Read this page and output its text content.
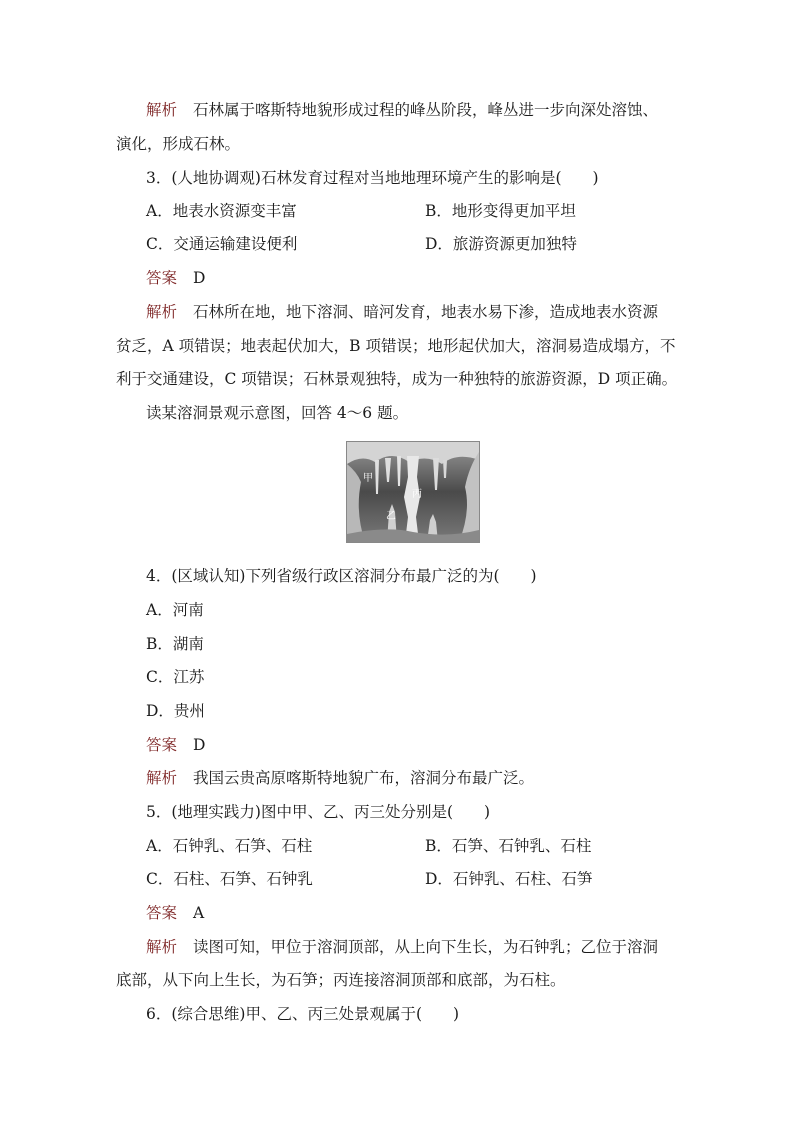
解析 石林属于喀斯特地貌形成过程的峰丛阶段，峰丛进一步向深处溶蚀、
演化，形成石林。
3．(人地协调观)石林发育过程对当地地理环境产生的影响是(　　)
A．地表水资源变丰富	B．地形变得更加平坦
C．交通运输建设便利	D．旅游资源更加独特
答案 D
解析 石林所在地，地下溶洞、暗河发育，地表水易下渗，造成地表水资源
贫乏，A 项错误；地表起伏加大，B 项错误；地形起伏加大，溶洞易造成塌方，不
利于交通建设，C 项错误；石林景观独特，成为一种独特的旅游资源，D 项正确。
读某溶洞景观示意图，回答 4～6 题。
甲
丙
乙
4．(区域认知)下列省级行政区溶洞分布最广泛的为(　　)
A．河南
B．湖南
C．江苏
D．贵州
答案 D
解析 我国云贵高原喀斯特地貌广布，溶洞分布最广泛。
5．(地理实践力)图中甲、乙、丙三处分别是(　　)
A．石钟乳、石笋、石柱	B．石笋、石钟乳、石柱
C．石柱、石笋、石钟乳	D．石钟乳、石柱、石笋
答案 A
解析 读图可知，甲位于溶洞顶部，从上向下生长，为石钟乳；乙位于溶洞
底部，从下向上生长，为石笋；丙连接溶洞顶部和底部，为石柱。
6．(综合思维)甲、乙、丙三处景观属于(　　)
